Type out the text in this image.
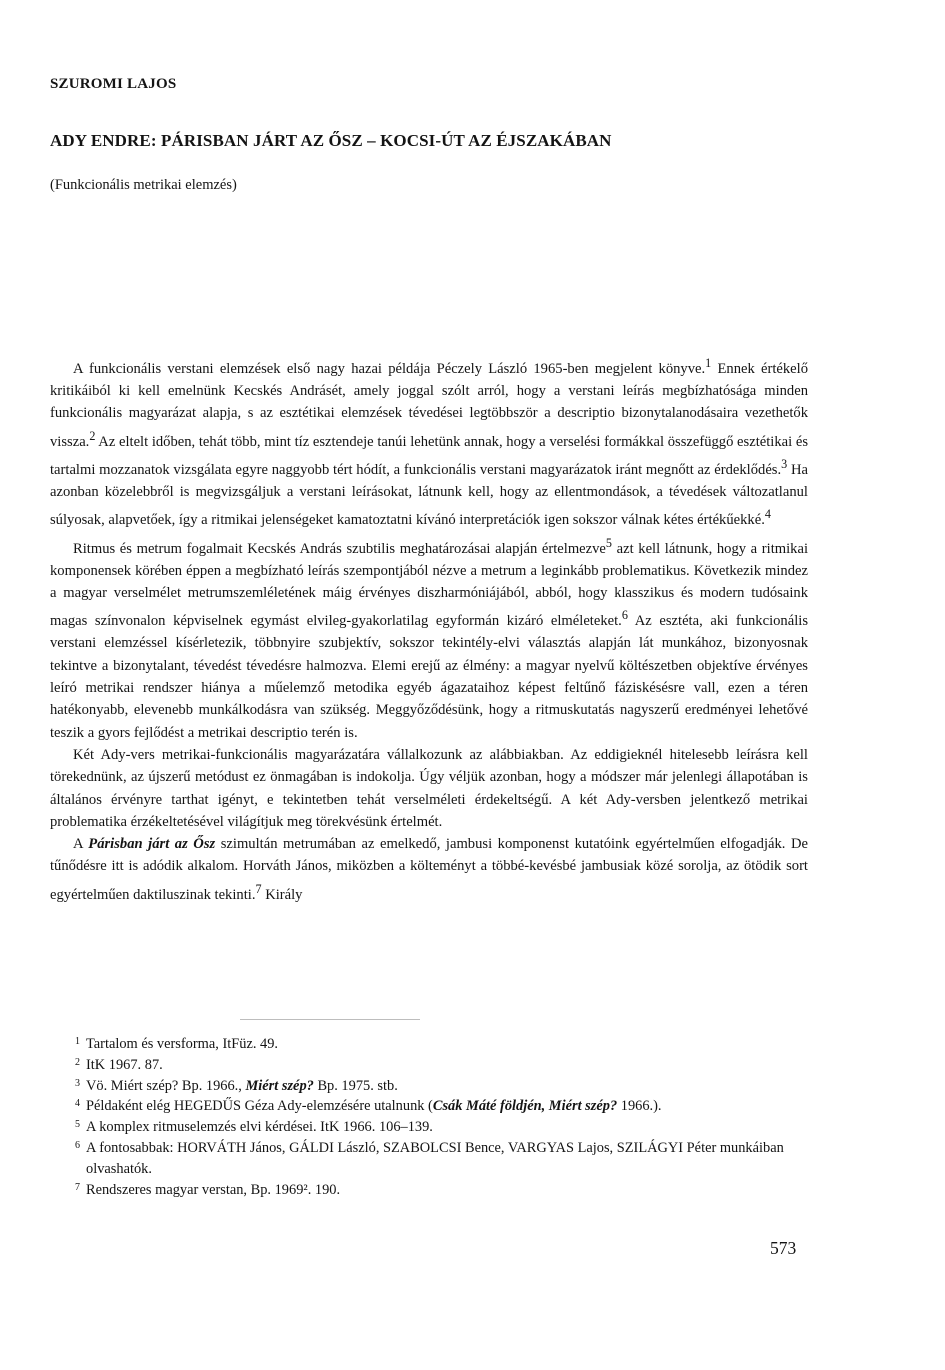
SZUROMI LAJOS
ADY ENDRE: PÁRISBAN JÁRT AZ ŐSZ – KOCSI-ÚT AZ ÉJSZAKÁBAN
(Funkcionális metrikai elemzés)

A funkcionális verstani elemzések első nagy hazai példája Péczely László 1965-ben megjelent könyve.$^1$ Ennek értékelő kritikáiból ki kell emelnünk Kecskés Andrásét, amely joggal szólt arról, hogy a verstani leírás megbízhatósága minden funkcionális magyarázat alapja, s az esztétikai elemzések tévedései legtöbbször a descriptio bizonytalanodásaira vezethetők vissza.$^2$ Az eltelt időben, tehát több, mint tíz esztendeje tanúi lehetünk annak, hogy a verselési formákkal összefüggő esztétikai és tartalmi mozzanatok vizsgálata egyre naggyobb tért hódít, a funkcionális verstani magyarázatok iránt megnőtt az érdeklődés.$^3$ Ha azonban közelebbről is megvizsgáljuk a verstani leírásokat, látnunk kell, hogy az ellentmondások, a tévedések változatlanul súlyosak, alapvetőek, így a ritmikai jelenségeket kamatoztatni kívánó interpretációk igen sokszor válnak kétes értékűekké.$^4$

Ritmus és metrum fogalmait Kecskés András szubtilis meghatározásai alapján értelmezve$^5$ azt kell látnunk, hogy a ritmikai komponensek körében éppen a megbízható leírás szempontjából nézve a metrum a leginkább problematikus. Következik mindez a magyar verselmélet metrumszemléletének máig érvényes diszharmóniájából, abból, hogy klasszikus és modern tudósaink magas színvonalon képviselnek egymást elvileg-gyakorlatilag egyformán kizáró elméleteket.$^6$ Az esztéta, aki funkcionális verstani elemzéssel kísérletezik, többnyire szubjektív, sokszor tekintély-elvi választás alapján lát munkához, bizonyosnak tekintve a bizonytalant, tévedést tévedésre halmozva. Elemi erejű az élmény: a magyar nyelvű költészetben objektíve érvényes leíró metrikai rendszer hiánya a műelemző metodika egyéb ágazataihoz képest feltűnő fáziskésésre vall, ezen a téren hatékonyabb, elevenebb munkálkodásra van szükség. Meggyőződésünk, hogy a ritmuskutatás nagyszerű eredményei lehetővé teszik a gyors fejlődést a metrikai descriptio terén is.

Két Ady-vers metrikai-funkcionális magyarázatára vállalkozunk az alábbiakban. Az eddigieknél hitelesebb leírásra kell törekednünk, az újszerű metódust ez önmagában is indokolja. Úgy véljük azonban, hogy a módszer már jelenlegi állapotában is általános érvényre tarthat igényt, e tekintetben tehát verselméleti érdekeltségű. A két Ady-versben jelentkező metrikai problematika érzékeltetésével világítjuk meg törekvésünk értelmét.

A Párisban járt az Ősz szimultán metrumában az emelkedő, jambusi komponenst kutatóink egyértelműen elfogadják. De tűnődésre itt is adódik alkalom. Horváth János, miközben a költeményt a többé-kevésbé jambusiak közé sorolja, az ötödik sort egyértelműen daktiluszinak tekinti.$^7$ Király

1 Tartalom és versforma, ItFüz. 49.
2 ItK 1967. 87.
3 Vö. Miért szép? Bp. 1966., Miért szép? Bp. 1975. stb.
4 Példaként elég HEGEDŰS Géza Ady-elemzésére utalnunk (Csák Máté földjén, Miért szép? 1966.).
5 A komplex ritmuselemzés elvi kérdései. ItK 1966. 106–139.
6 A fontosabbak: HORVÁTH János, GÁLDI László, SZABOLCSI Bence, VARGYAS Lajos, SZILÁGYI Péter munkáiban olvashatók.
7 Rendszeres magyar verstan, Bp. 1969². 190.
573
